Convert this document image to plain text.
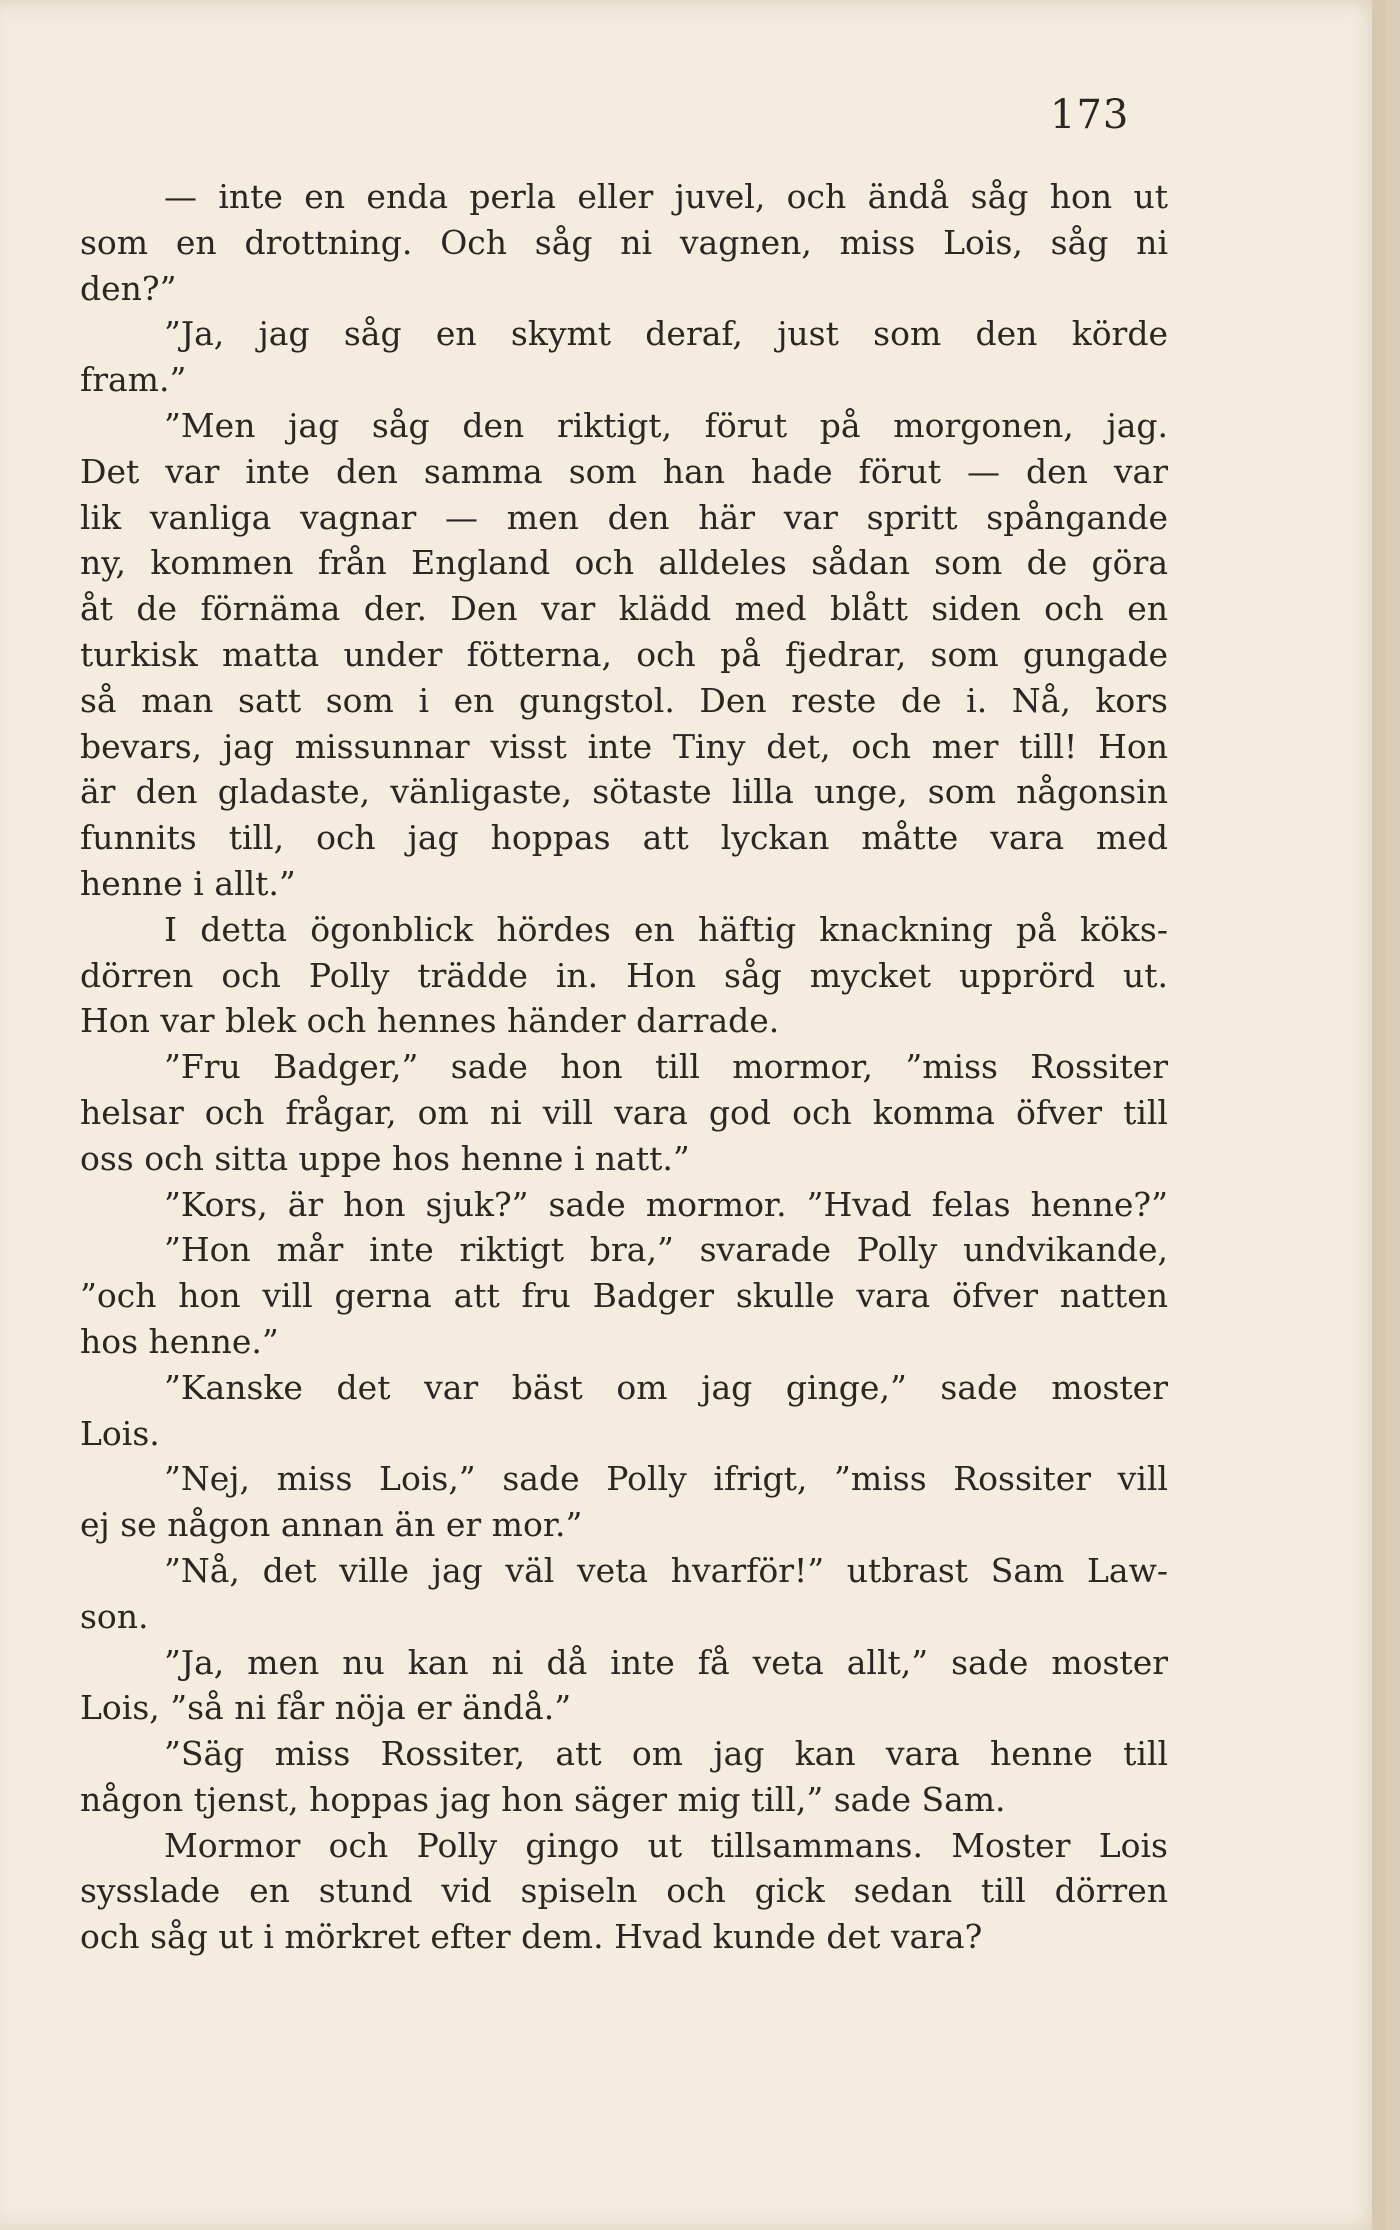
173
— inte en enda perla eller juvel, och ändå såg hon ut
som en drottning. Och såg ni vagnen, miss Lois, såg ni
den?”
”Ja, jag såg en skymt deraf, just som den körde
fram.”
”Men jag såg den riktigt, förut på morgonen, jag.
Det var inte den samma som han hade förut — den var
lik vanliga vagnar — men den här var spritt spångande
ny, kommen från England och alldeles sådan som de göra
åt de förnäma der. Den var klädd med blått siden och en
turkisk matta under fötterna, och på fjedrar, som gungade
så man satt som i en gungstol. Den reste de i. Nå, kors
bevars, jag missunnar visst inte Tiny det, och mer till! Hon
är den gladaste, vänligaste, sötaste lilla unge, som någonsin
funnits till, och jag hoppas att lyckan måtte vara med
henne i allt.”
I detta ögonblick hördes en häftig knackning på köks-
dörren och Polly trädde in. Hon såg mycket upprörd ut.
Hon var blek och hennes händer darrade.
”Fru Badger,” sade hon till mormor, ”miss Rossiter
helsar och frågar, om ni vill vara god och komma öfver till
oss och sitta uppe hos henne i natt.”
”Kors, är hon sjuk?” sade mormor. ”Hvad felas henne?”
”Hon mår inte riktigt bra,” svarade Polly undvikande,
”och hon vill gerna att fru Badger skulle vara öfver natten
hos henne.”
”Kanske det var bäst om jag ginge,” sade moster
Lois.
”Nej, miss Lois,” sade Polly ifrigt, ”miss Rossiter vill
ej se någon annan än er mor.”
”Nå, det ville jag väl veta hvarför!” utbrast Sam Law-
son.
”Ja, men nu kan ni då inte få veta allt,” sade moster
Lois, ”så ni får nöja er ändå.”
”Säg miss Rossiter, att om jag kan vara henne till
någon tjenst, hoppas jag hon säger mig till,” sade Sam.
Mormor och Polly gingo ut tillsammans. Moster Lois
sysslade en stund vid spiseln och gick sedan till dörren
och såg ut i mörkret efter dem. Hvad kunde det vara?
